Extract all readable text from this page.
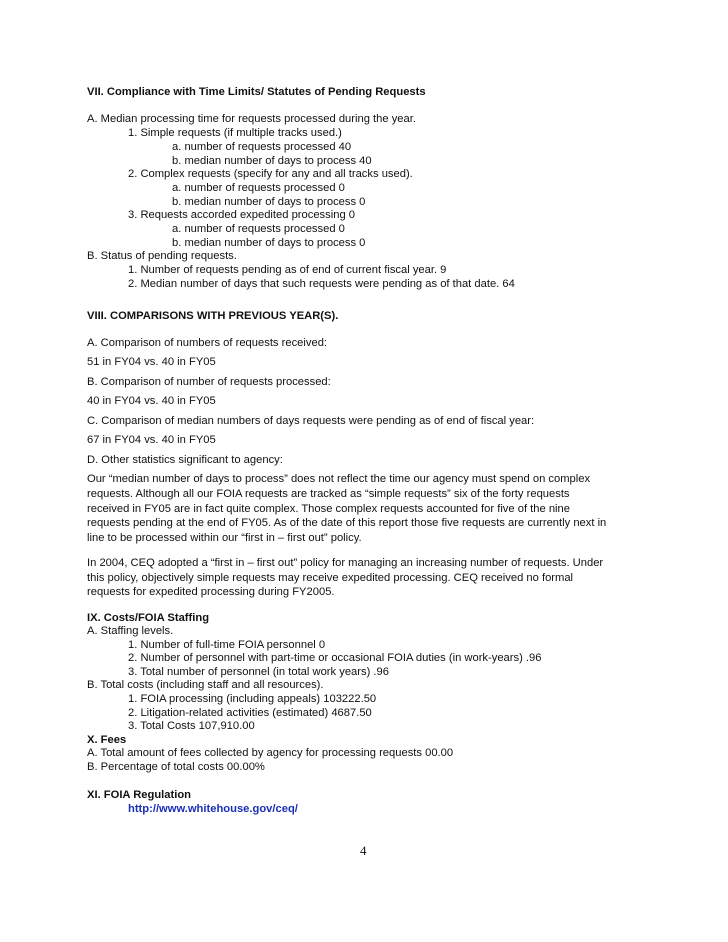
VII. Compliance with Time Limits/ Statutes of Pending Requests
A. Median processing time for requests processed during the year.
1. Simple requests (if multiple tracks used.)
a. number of requests processed 40
b. median number of days to process 40
2. Complex requests (specify for any and all tracks used).
a. number of requests processed 0
b. median number of days to process 0
3. Requests accorded expedited processing 0
a. number of requests processed 0
b. median number of days to process 0
B. Status of pending requests.
1. Number of requests pending as of end of current fiscal year. 9
2. Median number of days that such requests were pending as of that date. 64
VIII. COMPARISONS WITH PREVIOUS YEAR(S).
A. Comparison of numbers of requests received:
51 in FY04 vs. 40 in FY05
B. Comparison of number of requests processed:
40 in FY04 vs. 40 in FY05
C. Comparison of median numbers of days requests were pending as of end of fiscal year:
67 in FY04 vs. 40 in FY05
D. Other statistics significant to agency:
Our “median number of days to process” does not reflect the time our agency must spend on complex
requests. Although all our FOIA requests are tracked as “simple requests” six of the forty requests
received in FY05 are in fact quite complex. Those complex requests accounted for five of the nine
requests pending at the end of FY05. As of the date of this report those five requests are currently next in
line to be processed within our “first in – first out” policy.
In 2004, CEQ adopted a “first in – first out” policy for managing an increasing number of requests. Under
this policy, objectively simple requests may receive expedited processing. CEQ received no formal
requests for expedited processing during FY2005.
IX. Costs/FOIA Staffing
A. Staffing levels.
1. Number of full-time FOIA personnel 0
2. Number of personnel with part-time or occasional FOIA duties (in work-years) .96
3. Total number of personnel (in total work years) .96
B. Total costs (including staff and all resources).
1. FOIA processing (including appeals) 103222.50
2. Litigation-related activities (estimated) 4687.50
3. Total Costs 107,910.00
X. Fees
A. Total amount of fees collected by agency for processing requests 00.00
B. Percentage of total costs 00.00%
XI. FOIA Regulation
http://www.whitehouse.gov/ceq/
4
